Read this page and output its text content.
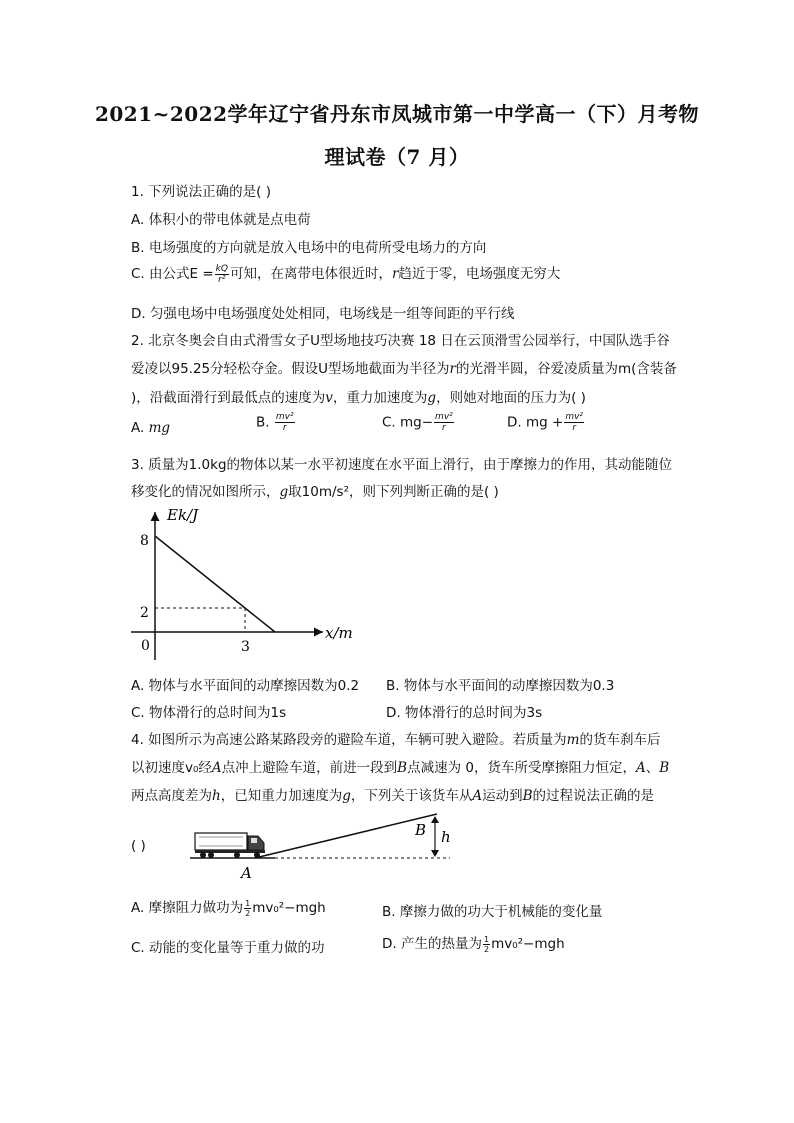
2021~2022学年辽宁省丹东市凤城市第一中学高一（下）月考物
理试卷（7 月）
1. 下列说法正确的是( )
A. 体积小的带电体就是点电荷
B. 电场强度的方向就是放入电场中的电荷所受电场力的方向
C. 由公式$E = \frac{kQ}{\text{r²}}$ 可知，在离带电体很近时，r趋近于零，电场强度无穷大
D. 匀强电场中电场强度处处相同，电场线是一组等间距的平行线
2. 北京冬奥会自由式滑雪女子U型场地技巧决赛 18 日在云顶滑雪公园举行，中国队选手谷
爱凌以95.25分轻松夺金。假设U型场地截面为半径为r的光滑半圆，谷爱凌质量为m(含装备
)，沿截面滑行到最低点的速度为v，重力加速度为g，则她对地面的压力为( )
A. mg	B. $\frac{\text{mv²}}{r}$	C. $mg- \frac{\text{mv²}}{r}$	D. mg + $\frac{\text{mv²}}{r}$
3. 质量为1.0kg的物体以某一水平初速度在水平面上滑行，由于摩擦力的作用，其动能随位
移变化的情况如图所示，g取10m/s²，则下列判断正确的是( )
Ek/J
x/m
0
8
2
3
A. 物体与水平面间的动摩擦因数为0.2 B. 物体与水平面间的动摩擦因数为0.3
C. 物体滑行的总时间为1s	D. 物体滑行的总时间为3s
4. 如图所示为高速公路某路段旁的避险车道，车辆可驶入避险。若质量为m的货车刹车后
以初速度v₀经A点冲上避险车道，前进一段到B点减速为 0，货车所受摩擦阻力恒定，A、B
两点高度差为h，已知重力加速度为g，下列关于该货车从A运动到B的过程说法正确的是
( )
A
B h
A. 摩擦阻力做功为 $\frac{1}{2} mv_0^2-mgh$	B. 摩擦力做的功大于机械能的变化量
C. 动能的变化量等于重力做的功	D. 产生的热量为 $\frac{1}{2} mv_0^2-mgh$
